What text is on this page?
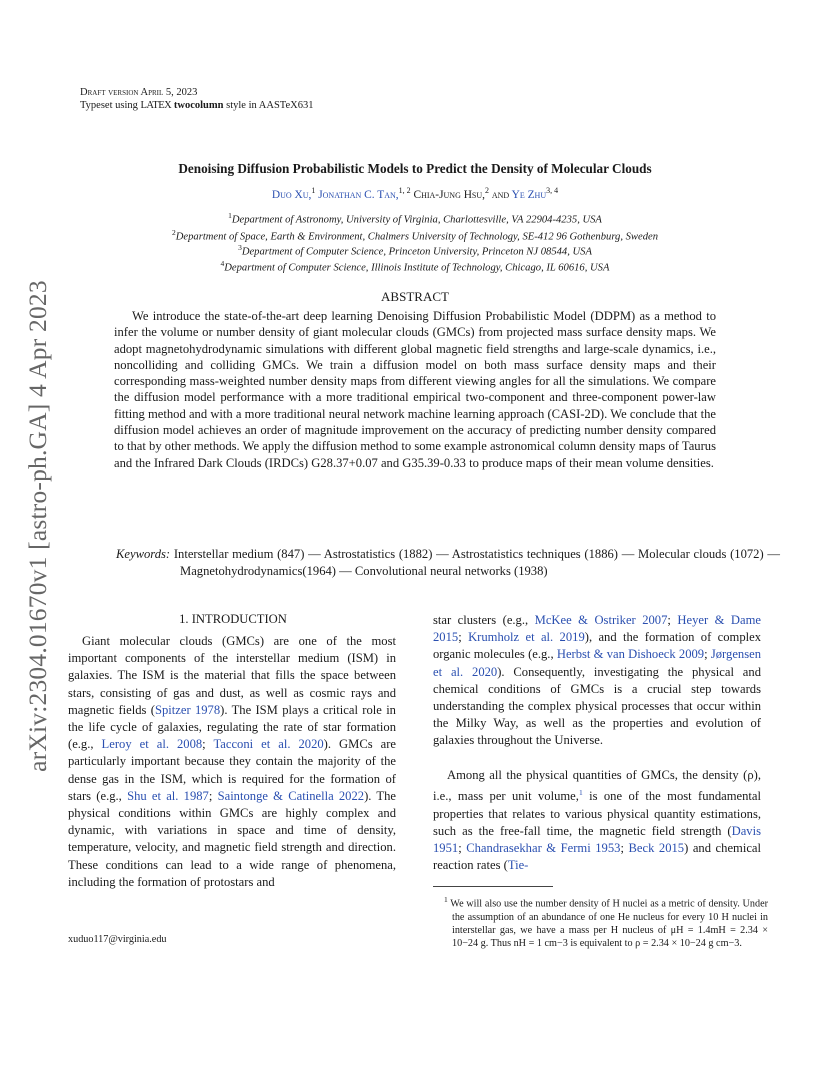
arXiv:2304.01670v1 [astro-ph.GA] 4 Apr 2023
Draft version April 5, 2023
Typeset using LATEX twocolumn style in AASTeX631
Denoising Diffusion Probabilistic Models to Predict the Density of Molecular Clouds
Duo Xu,$^1$ Jonathan C. Tan,$^{1, 2}$ Chia-Jung Hsu,$^2$ and Ye Zhu$^{3, 4}$
$^1$Department of Astronomy, University of Virginia, Charlottesville, VA 22904-4235, USA
$^2$Department of Space, Earth & Environment, Chalmers University of Technology, SE-412 96 Gothenburg, Sweden
$^3$Department of Computer Science, Princeton University, Princeton NJ 08544, USA
$^4$Department of Computer Science, Illinois Institute of Technology, Chicago, IL 60616, USA
ABSTRACT
We introduce the state-of-the-art deep learning Denoising Diffusion Probabilistic Model (DDPM) as a method to infer the volume or number density of giant molecular clouds (GMCs) from projected mass surface density maps. We adopt magnetohydrodynamic simulations with different global magnetic field strengths and large-scale dynamics, i.e., noncolliding and colliding GMCs. We train a diffusion model on both mass surface density maps and their corresponding mass-weighted number density maps from different viewing angles for all the simulations. We compare the diffusion model performance with a more traditional empirical two-component and three-component power-law fitting method and with a more traditional neural network machine learning approach (CASI-2D). We conclude that the diffusion model achieves an order of magnitude improvement on the accuracy of predicting number density compared to that by other methods. We apply the diffusion method to some example astronomical column density maps of Taurus and the Infrared Dark Clouds (IRDCs) G28.37+0.07 and G35.39-0.33 to produce maps of their mean volume densities.
Keywords: Interstellar medium (847) — Astrostatistics (1882) — Astrostatistics techniques (1886) — Molecular clouds (1072) — Magnetohydrodynamics(1964) — Convolutional neural networks (1938)
1. INTRODUCTION
Giant molecular clouds (GMCs) are one of the most important components of the interstellar medium (ISM) in galaxies. The ISM is the material that fills the space between stars, consisting of gas and dust, as well as cosmic rays and magnetic fields (Spitzer 1978). The ISM plays a critical role in the life cycle of galaxies, regulating the rate of star formation (e.g., Leroy et al. 2008; Tacconi et al. 2020). GMCs are particularly important because they contain the majority of the dense gas in the ISM, which is required for the formation of stars (e.g., Shu et al. 1987; Saintonge & Catinella 2022). The physical conditions within GMCs are highly complex and dynamic, with variations in space and time of density, temperature, velocity, and magnetic field strength and direction. These conditions can lead to a wide range of phenomena, including the formation of protostars and
star clusters (e.g., McKee & Ostriker 2007; Heyer & Dame 2015; Krumholz et al. 2019), and the formation of complex organic molecules (e.g., Herbst & van Dishoeck 2009; Jørgensen et al. 2020). Consequently, investigating the physical and chemical conditions of GMCs is a crucial step towards understanding the complex physical processes that occur within the Milky Way, as well as the properties and evolution of galaxies throughout the Universe.
Among all the physical quantities of GMCs, the density (ρ), i.e., mass per unit volume,$^1$ is one of the most fundamental properties that relates to various physical quantity estimations, such as the free-fall time, the magnetic field strength (Davis 1951; Chandrasekhar & Fermi 1953; Beck 2015) and chemical reaction rates (Tie-
$^1$ We will also use the number density of H nuclei as a metric of density. Under the assumption of an abundance of one He nucleus for every 10 H nuclei in interstellar gas, we have a mass per H nucleus of μH = 1.4mH = 2.34 × 10−24 g. Thus nH = 1 cm−3 is equivalent to ρ = 2.34 × 10−24 g cm−3.
xuduo117@virginia.edu
